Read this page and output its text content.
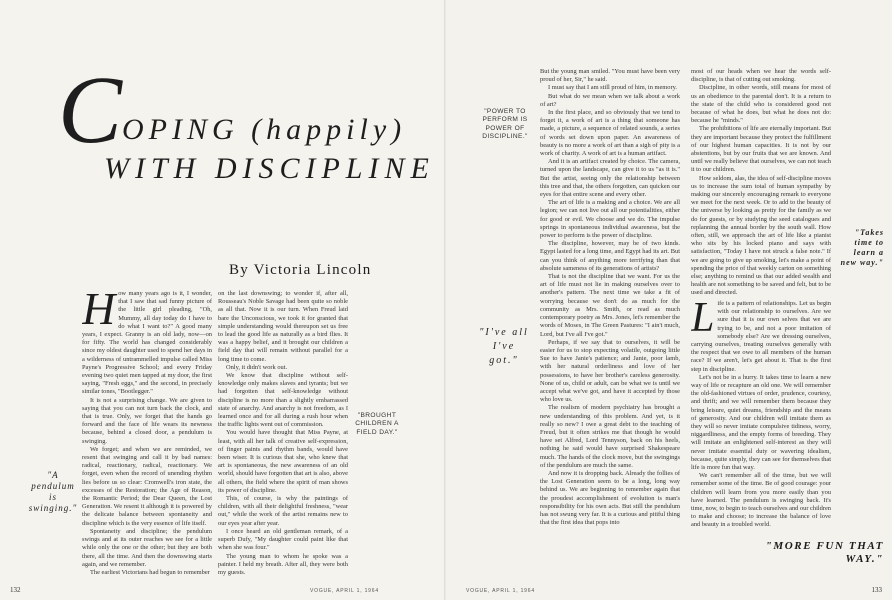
C OPING (happily)
WITH DISCIPLINE
By Victoria Lincoln
H ow many years ago is it, I wonder, that I saw that sad funny picture of the little girl pleading, "Oh, Mummy, all day today do I have to do what I want to?" A good many years, I expect. Granny is an old lady, now—on for fifty. The world has changed considerably since my oldest daughter used to spend her days in a wilderness of untrammelled impulse called Miss Payne's Progressive School; and every Friday evening two quiet men tapped at my door, the first saying, "Fresh eggs," and the second, in precisely similar tones, "Bootlegger."

It is not a surprising change. We are given to saying that you can not turn back the clock, and that is true. Only, we forget that the hands go forward and the face of life wears its newness because, behind a closed door, a pendulum is swinging.

We forget; and when we are reminded, we resent that swinging and call it by bad names: radical, reactionary, radical, reactionary. We forget, even when the record of unending rhythm lies before us so clear: Cromwell's iron state, the excesses of the Restoration; the Age of Reason, the Romantic Period; the Dear Queen, the Lost Generation. We resent it although it is powered by the delicate balance between spontaneity and discipline which is the very essence of life itself.

Spontaneity and discipline; the pendulum swings and at its outer reaches we see for a little while only the one or the other; but they are both there, all the time. And then the downswing starts again, and we remember.

The earliest Victorians had begun to remember

"A pendulum is swinging."

on the last downswing; to wonder if, after all, Rousseau's Noble Savage had been quite so noble as all that. Now it is our turn. When Freud laid bare the Unconscious, we took it for granted that simple understanding would thereupon set us free to lead the good life as naturally as a bird flies. It was a happy belief, and it brought our children a field day that will remain without parallel for a long time to come.

Only, it didn't work out.

We know that discipline without self-knowledge only makes slaves and tyrants; but we had forgotten that self-knowledge without discipline is no more than a slightly embarrassed state of anarchy. And anarchy is not freedom, as I learned once and for all during a rush hour when the traffic lights went out of commission.

You would have thought that Miss Payne, at least, with all her talk of creative self-expression, of finger paints and rhythm bands, would have been wiser. It is curious that she, who knew that art is spontaneous, the new awareness of an old world, should have forgotten that art is also, above all others, the field where the spirit of man shows its power of discipline.

This, of course, is why the paintings of children, with all their delightful freshness, "wear out," while the work of the artist remains new to our eyes year after year.

I once heard an old gentleman remark, of a superb Dufy, "My daughter could paint like that when she was four."

The young man to whom he spoke was a painter. I held my breath. After all, they were both my guests.

132	VOGUE, APRIL 1, 1964
"BROUGHT CHILDREN A FIELD DAY."
"POWER TO PERFORM IS POWER OF DISCIPLINE."
"I've all I've got."

But the young man smiled. "You must have been very proud of her, Sir," he said.

I must say that I am still proud of him, in memory.

But what do we mean when we talk about a work of art?

In the first place, and so obviously that we tend to forget it, a work of art is a thing that someone has made, a picture, a sequence of related sounds, a series of words set down upon paper. An awareness of beauty is no more a work of art than a sigh of pity is a work of charity. A work of art is a human artifact.

And it is an artifact created by choice. The camera, turned upon the landscape, can give it to us "as it is." But the artist, seeing only the relationship between this tree and that, the others forgotten, can quicken our eyes for that entire scene and every other.

The art of life is a making and a choice. We are all legion; we can not live out all our potentialities, either for good or evil. We choose and we do. The impulse springs in spontaneous individual awareness, but the power to perform is the power of discipline.

The discipline, however, may be of two kinds. Egypt lasted for a long time, and Egypt had its art. But can you think of anything more terrifying than that absolute sameness of its generations of artists?

That is not the discipline that we want. For us the art of life must not lie in making ourselves over to another's pattern. The next time we take a fit of worrying because we don't do as much for the community as Mrs. Smith, or read as much contemporary poetry as Mrs. Jones, let's remember the words of Moses, in The Green Pastures: "I ain't much, Lord, but I've all I've got."

Perhaps, if we say that to ourselves, it will be easier for us to stop expecting volatile, outgoing little Sue to have Janie's patience; and Janie, poor lamb, with her natural orderliness and love of her possessions, to have her brother's careless generosity. None of us, child or adult, can be what we is until we accept what we've got, and have it accepted by those who love us.

The realism of modern psychiatry has brought a new understanding of this problem. And yet, is it really so new? I owe a great debt to the teaching of Freud, but it often strikes me that though he would have set Alfred, Lord Tennyson, back on his heels, nothing he said would have surprised Shakespeare much. The hands of the clock move, but the swingings of the pendulum are much the same.

And now it is dropping back. Already the follies of the Lost Generation seem to be a long, long way behind us. We are beginning to remember again that the proudest accomplishment of evolution is man's responsibility for his own acts. But still the pendulum has not swung very far. It is a curious and pitiful thing that the first idea that pops into

most of our heads when we hear the words self-discipline, is that of cutting out smoking.

Discipline, in other words, still means for most of us an obedience to the parental don't. It is a return to the state of the child who is considered good not because of what he does, but what he does not do: because he "minds."

The prohibitions of life are eternally important. But they are important because they protect the fulfillment of our highest human capacities. It is not by our abstentions, but by our fruits that we are known. And until we really believe that ourselves, we can not teach it to our children.

How seldom, alas, the idea of self-discipline moves us to increase the sum total of human sympathy by making our sincerely encouraging remark to everyone we meet for the next week. Or to add to the beauty of the universe by looking as pretty for the family as we do for guests, or by studying the seed catalogues and replanning the annual border by the south wall. How often, still, we approach the art of life like a pianist who sits by his locked piano and says with satisfaction, "Today I have not struck a false note." If we are going to give up smoking, let's make a point of spending the price of that weekly carton on something else; anything to remind us that our added wealth and health are not something to be saved and felt, but to be used and directed.

"Takes time to learn a new way."
L ife is a pattern of relationships. Let us begin with our relationship to ourselves. Are we sure that it is our own selves that we are trying to be, and not a poor imitation of somebody else? Are we dressing ourselves, carrying ourselves, treating ourselves generally with the respect that we owe to all members of the human race? If we aren't, let's get about it. That is the first step in discipline.

Let's not be in a hurry. It takes time to learn a new way of life or recapture an old one. We will remember the old-fashioned virtues of order, prudence, courtesy, and thrift; and we will remember them because they bring leisure, quiet dreams, friendship and the means of generosity. And our children will imitate them as they will so never imitate compulsive tidiness, worry, niggardliness, and the empty forms of breeding. They will imitate an enlightened self-interest as they will never imitate essential duty or wavering idealism, because, quite simply, they can see for themselves that life is more fun that way.

We can't remember all of the time, but we will remember some of the time. Be of good courage: your children will learn from you more easily than you have learned. The pendulum is swinging back. It's time, now, to begin to teach ourselves and our children to make and choose; to increase the balance of love and beauty in a troubled world.

"MORE FUN THAT WAY."
VOGUE, APRIL 1, 1964	133
